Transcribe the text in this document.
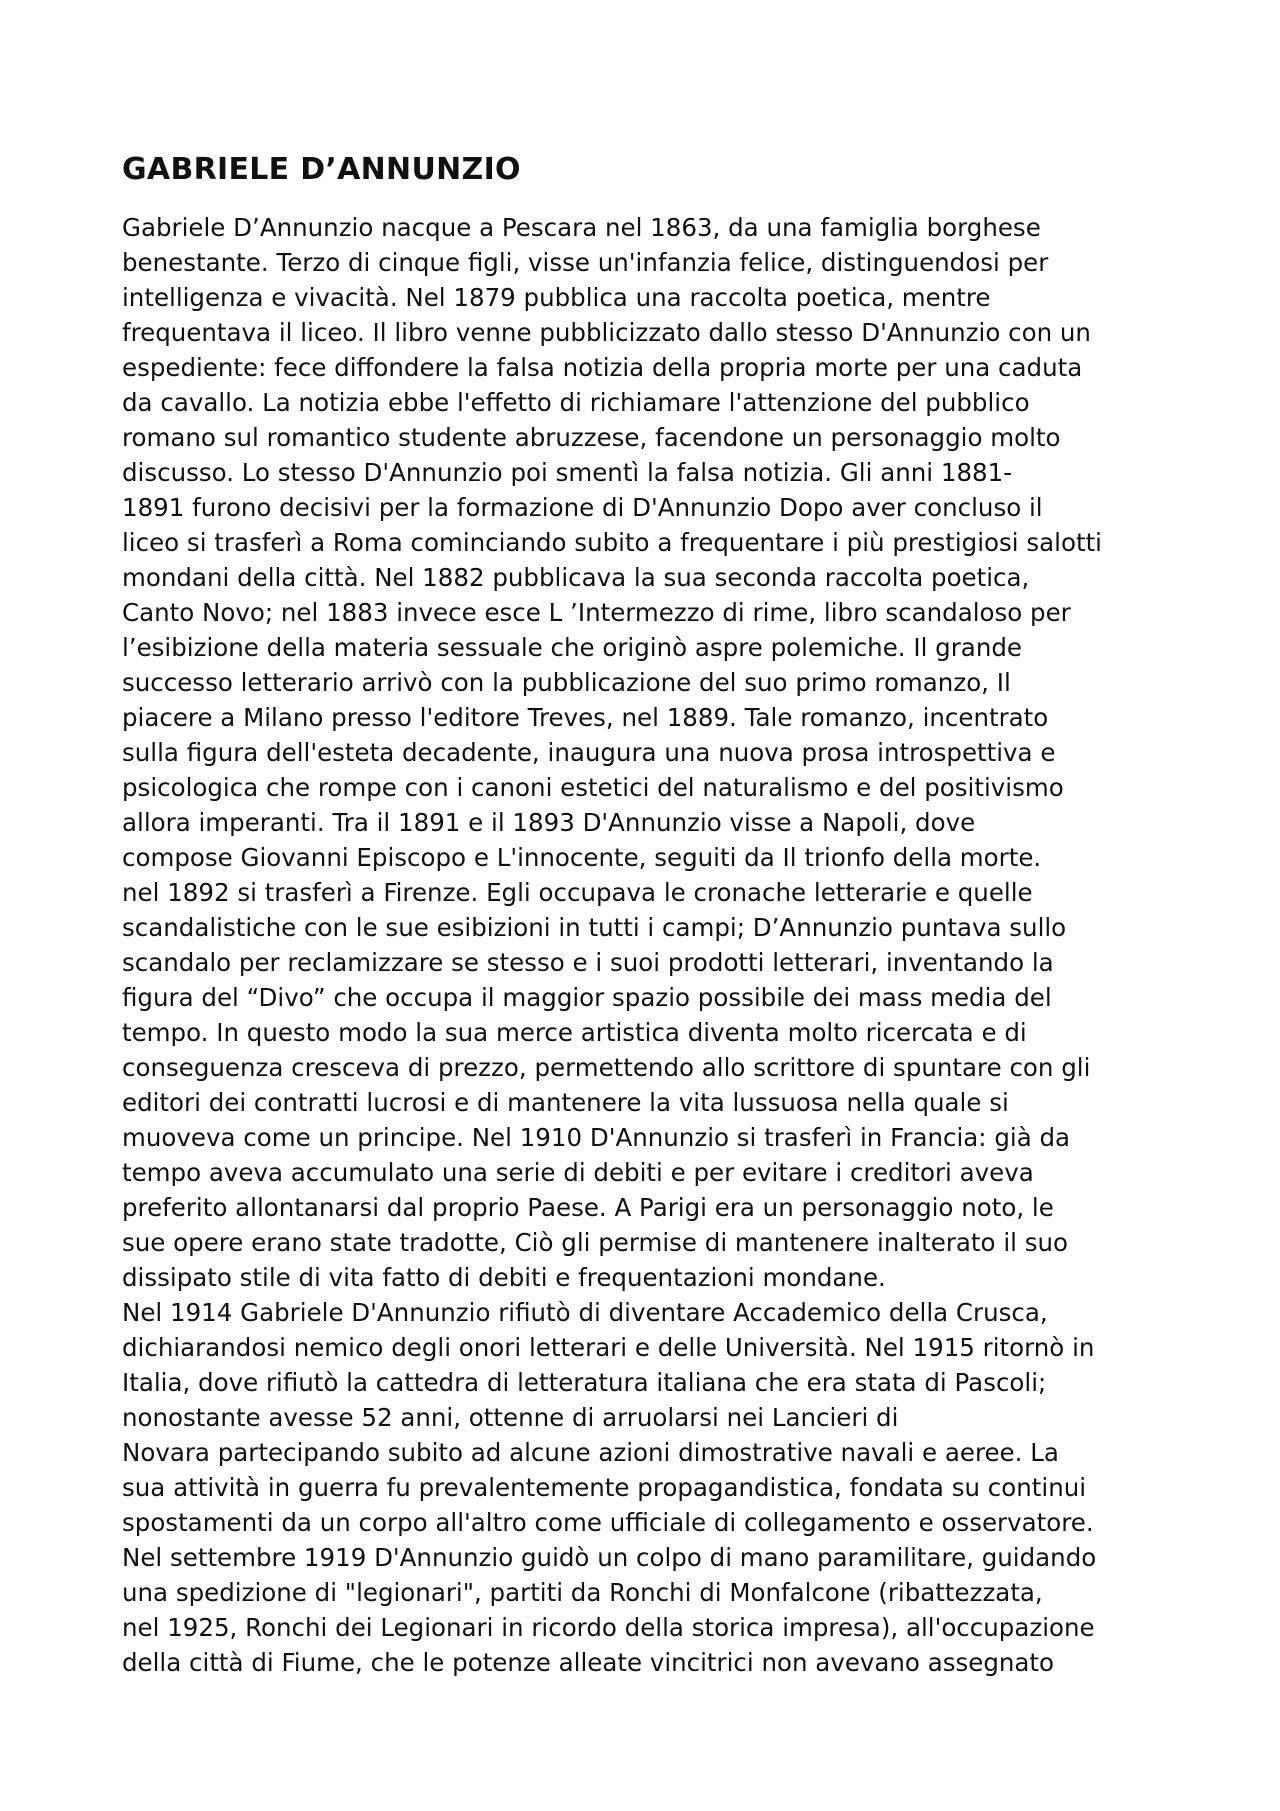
GABRIELE D’ANNUNZIO
Gabriele D’Annunzio nacque a Pescara nel 1863, da una famiglia borghese
benestante. Terzo di cinque figli, visse un'infanzia felice, distinguendosi per
intelligenza e vivacità. Nel 1879 pubblica una raccolta poetica, mentre
frequentava il liceo. Il libro venne pubblicizzato dallo stesso D'Annunzio con un
espediente: fece diffondere la falsa notizia della propria morte per una caduta
da cavallo. La notizia ebbe l'effetto di richiamare l'attenzione del pubblico
romano sul romantico studente abruzzese, facendone un personaggio molto
discusso. Lo stesso D'Annunzio poi smentì la falsa notizia. Gli anni 1881-
1891 furono decisivi per la formazione di D'Annunzio Dopo aver concluso il
liceo si trasferì a Roma cominciando subito a frequentare i più prestigiosi salotti
mondani della città. Nel 1882 pubblicava la sua seconda raccolta poetica,
Canto Novo; nel 1883 invece esce L ’Intermezzo di rime, libro scandaloso per
l’esibizione della materia sessuale che originò aspre polemiche. Il grande
successo letterario arrivò con la pubblicazione del suo primo romanzo, Il
piacere a Milano presso l'editore Treves, nel 1889. Tale romanzo, incentrato
sulla figura dell'esteta decadente, inaugura una nuova prosa introspettiva e
psicologica che rompe con i canoni estetici del naturalismo e del positivismo
allora imperanti. Tra il 1891 e il 1893 D'Annunzio visse a Napoli, dove
compose Giovanni Episcopo e L'innocente, seguiti da Il trionfo della morte.
nel 1892 si trasferì a Firenze. Egli occupava le cronache letterarie e quelle
scandalistiche con le sue esibizioni in tutti i campi; D’Annunzio puntava sullo
scandalo per reclamizzare se stesso e i suoi prodotti letterari, inventando la
figura del “Divo” che occupa il maggior spazio possibile dei mass media del
tempo. In questo modo la sua merce artistica diventa molto ricercata e di
conseguenza cresceva di prezzo, permettendo allo scrittore di spuntare con gli
editori dei contratti lucrosi e di mantenere la vita lussuosa nella quale si
muoveva come un principe. Nel 1910 D'Annunzio si trasferì in Francia: già da
tempo aveva accumulato una serie di debiti e per evitare i creditori aveva
preferito allontanarsi dal proprio Paese. A Parigi era un personaggio noto, le
sue opere erano state tradotte, Ciò gli permise di mantenere inalterato il suo
dissipato stile di vita fatto di debiti e frequentazioni mondane.
Nel 1914 Gabriele D'Annunzio rifiutò di diventare Accademico della Crusca,
dichiarandosi nemico degli onori letterari e delle Università. Nel 1915 ritornò in
Italia, dove rifiutò la cattedra di letteratura italiana che era stata di Pascoli;
nonostante avesse 52 anni, ottenne di arruolarsi nei Lancieri di
Novara partecipando subito ad alcune azioni dimostrative navali e aeree. La
sua attività in guerra fu prevalentemente propagandistica, fondata su continui
spostamenti da un corpo all'altro come ufficiale di collegamento e osservatore.
Nel settembre 1919 D'Annunzio guidò un colpo di mano paramilitare, guidando
una spedizione di "legionari", partiti da Ronchi di Monfalcone (ribattezzata,
nel 1925, Ronchi dei Legionari in ricordo della storica impresa), all'occupazione
della città di Fiume, che le potenze alleate vincitrici non avevano assegnato
